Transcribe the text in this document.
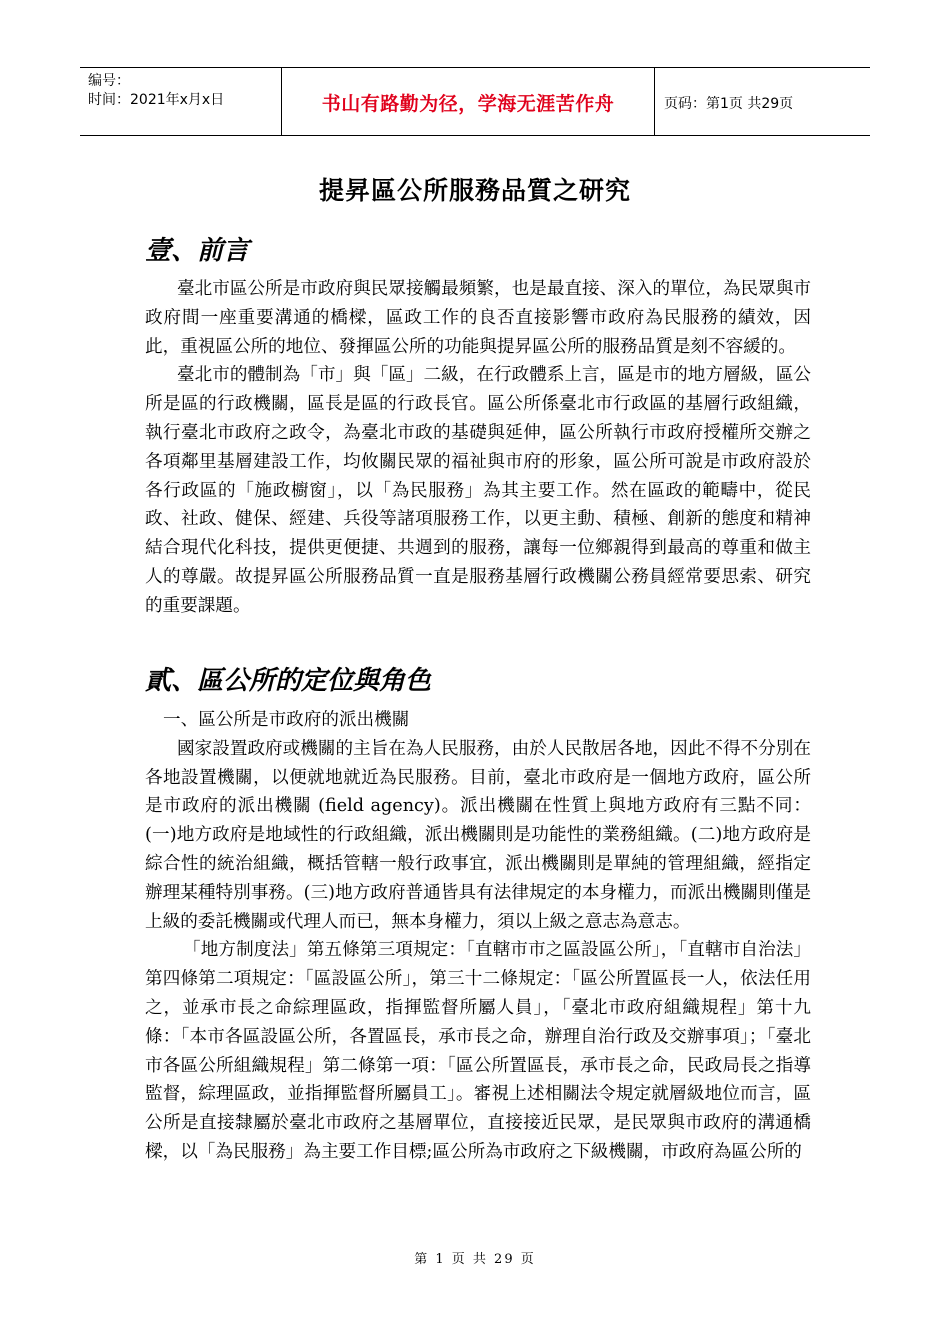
编号：
时间：2021年x月x日	书山有路勤为径，学海无涯苦作舟	页码：第1页 共29页
提昇區公所服務品質之研究
壹、前言

臺北市區公所是市政府與民眾接觸最頻繁，也是最直接、深入的單位，為民眾與市政府間一座重要溝通的橋樑，區政工作的良否直接影響市政府為民服務的績效，因此，重視區公所的地位、發揮區公所的功能與提昇區公所的服務品質是刻不容緩的。

臺北市的體制為「市」與「區」二級，在行政體系上言，區是市的地方層級，區公所是區的行政機關，區長是區的行政長官。區公所係臺北市行政區的基層行政組織，執行臺北市政府之政令，為臺北市政的基礎與延伸，區公所執行市政府授權所交辦之各項鄰里基層建設工作，均攸關民眾的福祉與市府的形象，區公所可說是市政府設於各行政區的「施政櫥窗」，以「為民服務」為其主要工作。然在區政的範疇中，從民政、社政、健保、經建、兵役等諸項服務工作，以更主動、積極、創新的態度和精神結合現代化科技，提供更便捷、共週到的服務，讓每一位鄉親得到最高的尊重和做主人的尊嚴。故提昇區公所服務品質一直是服務基層行政機關公務員經常要思索、研究的重要課題。

貳、區公所的定位與角色

一、區公所是市政府的派出機關

國家設置政府或機關的主旨在為人民服務，由於人民散居各地，因此不得不分別在各地設置機關，以便就地就近為民服務。目前，臺北市政府是一個地方政府，區公所是市政府的派出機關 (field agency)。派出機關在性質上與地方政府有三點不同：(一)地方政府是地域性的行政組織，派出機關則是功能性的業務組織。(二)地方政府是綜合性的統治組織，概括管轄一般行政事宜，派出機關則是單純的管理組織，經指定辦理某種特別事務。(三)地方政府普通皆具有法律規定的本身權力，而派出機關則僅是上級的委託機關或代理人而已，無本身權力，須以上級之意志為意志。

「地方制度法」第五條第三項規定：「直轄市市之區設區公所」，「直轄市自治法」第四條第二項規定：「區設區公所」，第三十二條規定：「區公所置區長一人，依法任用之，並承市長之命綜理區政，指揮監督所屬人員」，「臺北市政府組織規程」第十九條：「本市各區設區公所，各置區長，承市長之命，辦理自治行政及交辦事項」；「臺北市各區公所組織規程」第二條第一項：「區公所置區長，承市長之命，民政局長之指導監督，綜理區政，並指揮監督所屬員工」。審視上述相關法令規定就層級地位而言，區公所是直接隸屬於臺北市政府之基層單位，直接接近民眾，是民眾與市政府的溝通橋樑，以「為民服務」為主要工作目標;區公所為市政府之下級機關，市政府為區公所的

第 1 页 共 29 页
